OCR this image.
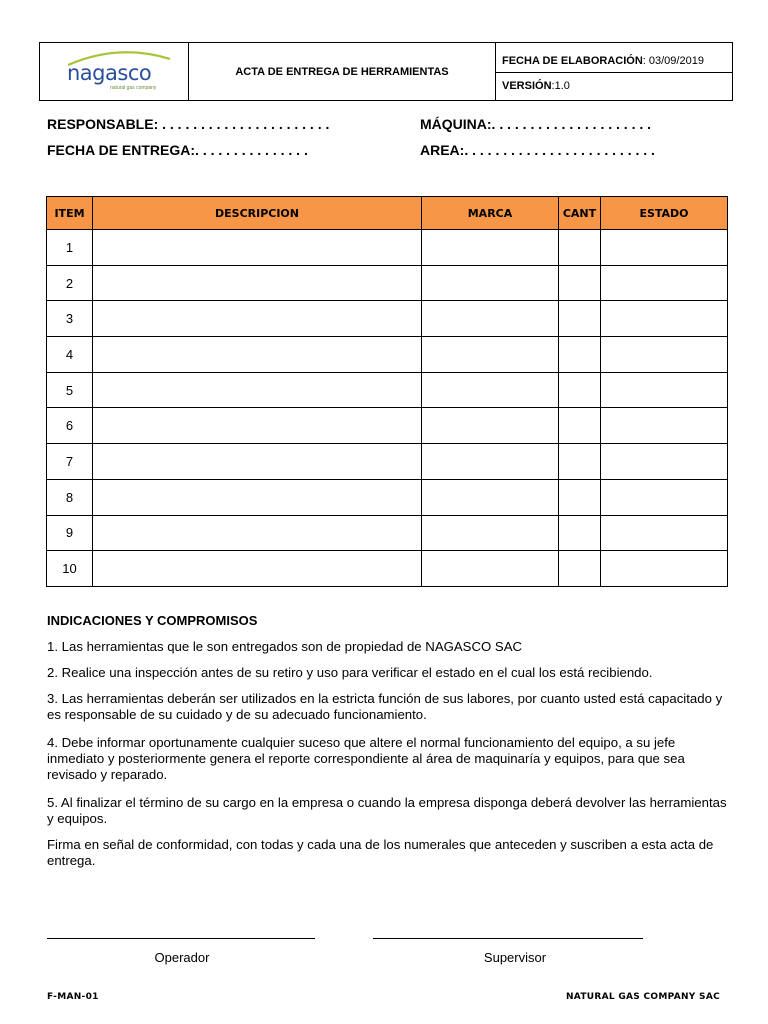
nagasco
natural gas company
ACTA DE ENTREGA DE HERRAMIENTAS
FECHA DE ELABORACIÓN: 03/09/2019
VERSIÓN:1.0
RESPONSABLE: . . . . . . . . . . . . . . . . . . . . . .	MÁQUINA:. . . . . . . . . . . . . . . . . . . . .
FECHA DE ENTREGA:. . . . . . . . . . . . . . .	AREA:. . . . . . . . . . . . . . . . . . . . . . . . .
ITEM	DESCRIPCION	MARCA	CANT	ESTADO
1				
2				
3				
4				
5				
6				
7				
8				
9				
10				
INDICACIONES Y COMPROMISOS
1. Las herramientas que le son entregados son de propiedad de NAGASCO SAC
2. Realice una inspección antes de su retiro y uso para verificar el estado en el cual los está recibiendo.
3. Las herramientas deberán ser utilizados en la estricta función de sus labores, por cuanto usted está capacitado y es responsable de su cuidado y de su adecuado funcionamiento.
4. Debe informar oportunamente cualquier suceso que altere el normal funcionamiento del equipo, a su jefe inmediato y posteriormente genera el reporte correspondiente al área de maquinaría y equipos, para que sea revisado y reparado.
5. Al finalizar el término de su cargo en la empresa o cuando la empresa disponga deberá devolver las herramientas y equipos.
Firma en señal de conformidad, con todas y cada una de los numerales que anteceden y suscriben a esta acta de entrega.
Operador	Supervisor
F-MAN-01	NATURAL GAS COMPANY SAC
